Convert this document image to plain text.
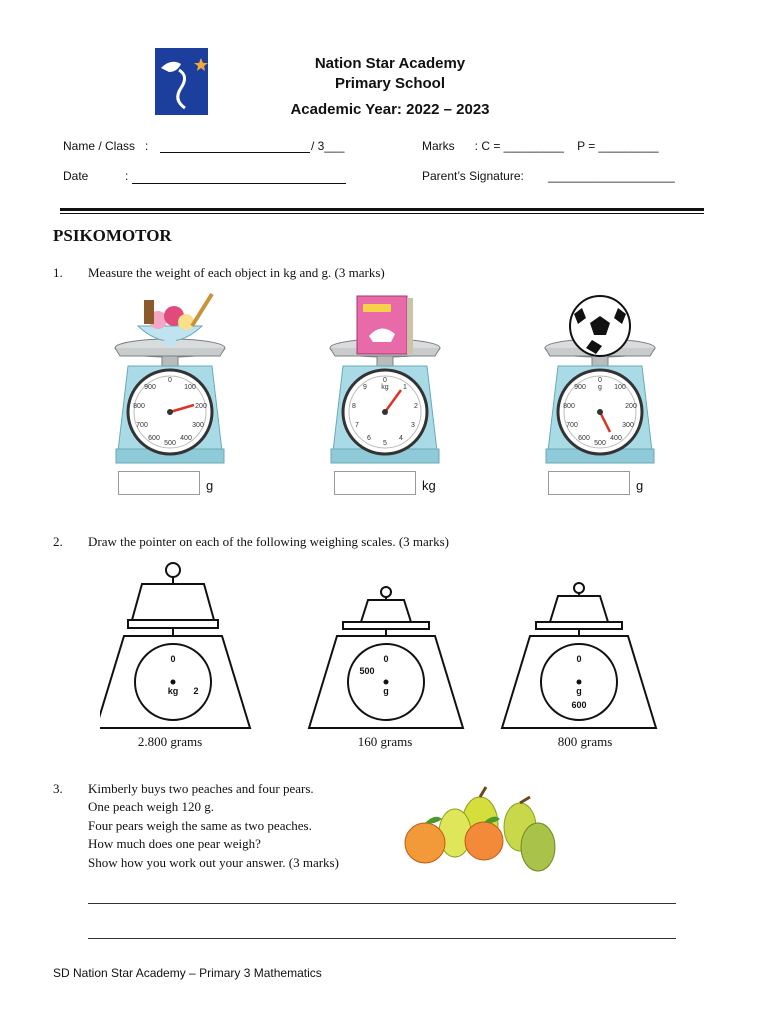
Nation Star Academy
Primary School
Academic Year: 2022 – 2023
Name / Class   :	/ 3___	Marks      : C = _________    P = _________
Date           :	Parent’s Signature: ___________________
PSIKOMOTOR
1. Measure the weight of each object in kg and g. (3 marks)
0
100
200
300
400
500
600
700
800
900
0
kg 1
2
3
4
5
6
7
8
9
0
g 100
200
300
400
500
600
700
800
900
g	kg	g
2. Draw the pointer on each of the following weighing scales. (3 marks)
0
kg 2
0
500
g
0
g
600
2.800 grams	160 grams	800 grams
3. Kimberly buys two peaches and four pears.
One peach weigh 120 g.
Four pears weigh the same as two peaches.
How much does one pear weigh?
Show how you work out your answer. (3 marks)
SD Nation Star Academy – Primary 3 Mathematics
